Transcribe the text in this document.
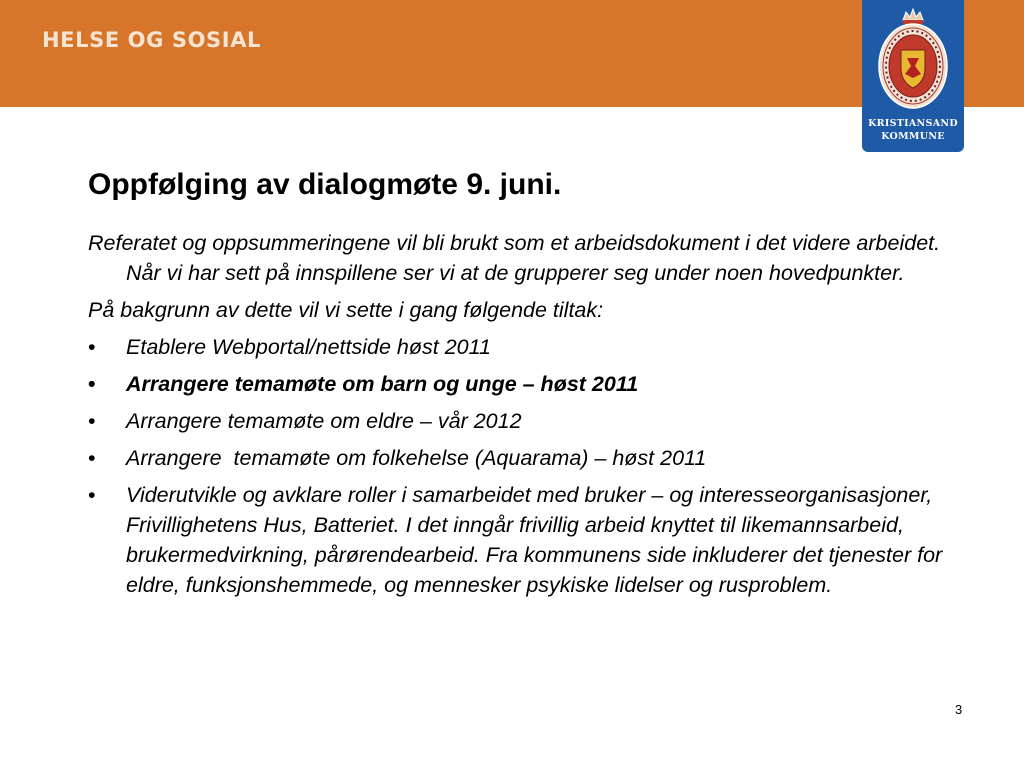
HELSE OG SOSIAL
KRISTIANSAND
KOMMUNE
Oppfølging av dialogmøte 9. juni.

Referatet og oppsummeringene vil bli brukt som et arbeidsdokument i det videre arbeidet. Når vi har sett på innspillene ser vi at de grupperer seg under noen hovedpunkter.

På bakgrunn av dette vil vi sette i gang følgende tiltak:

• Etablere Webportal/nettside høst 2011
• Arrangere temamøte om barn og unge – høst 2011
• Arrangere temamøte om eldre – vår 2012
• Arrangere  temamøte om folkehelse (Aquarama) – høst 2011
• Viderutvikle og avklare roller i samarbeidet med bruker – og interesseorganisasjoner, Frivillighetens Hus, Batteriet. I det inngår frivillig arbeid knyttet til likemannsarbeid, brukermedvirkning, pårørendearbeid. Fra kommunens side inkluderer det tjenester for eldre, funksjonshemmede, og mennesker psykiske lidelser og rusproblem.
3
